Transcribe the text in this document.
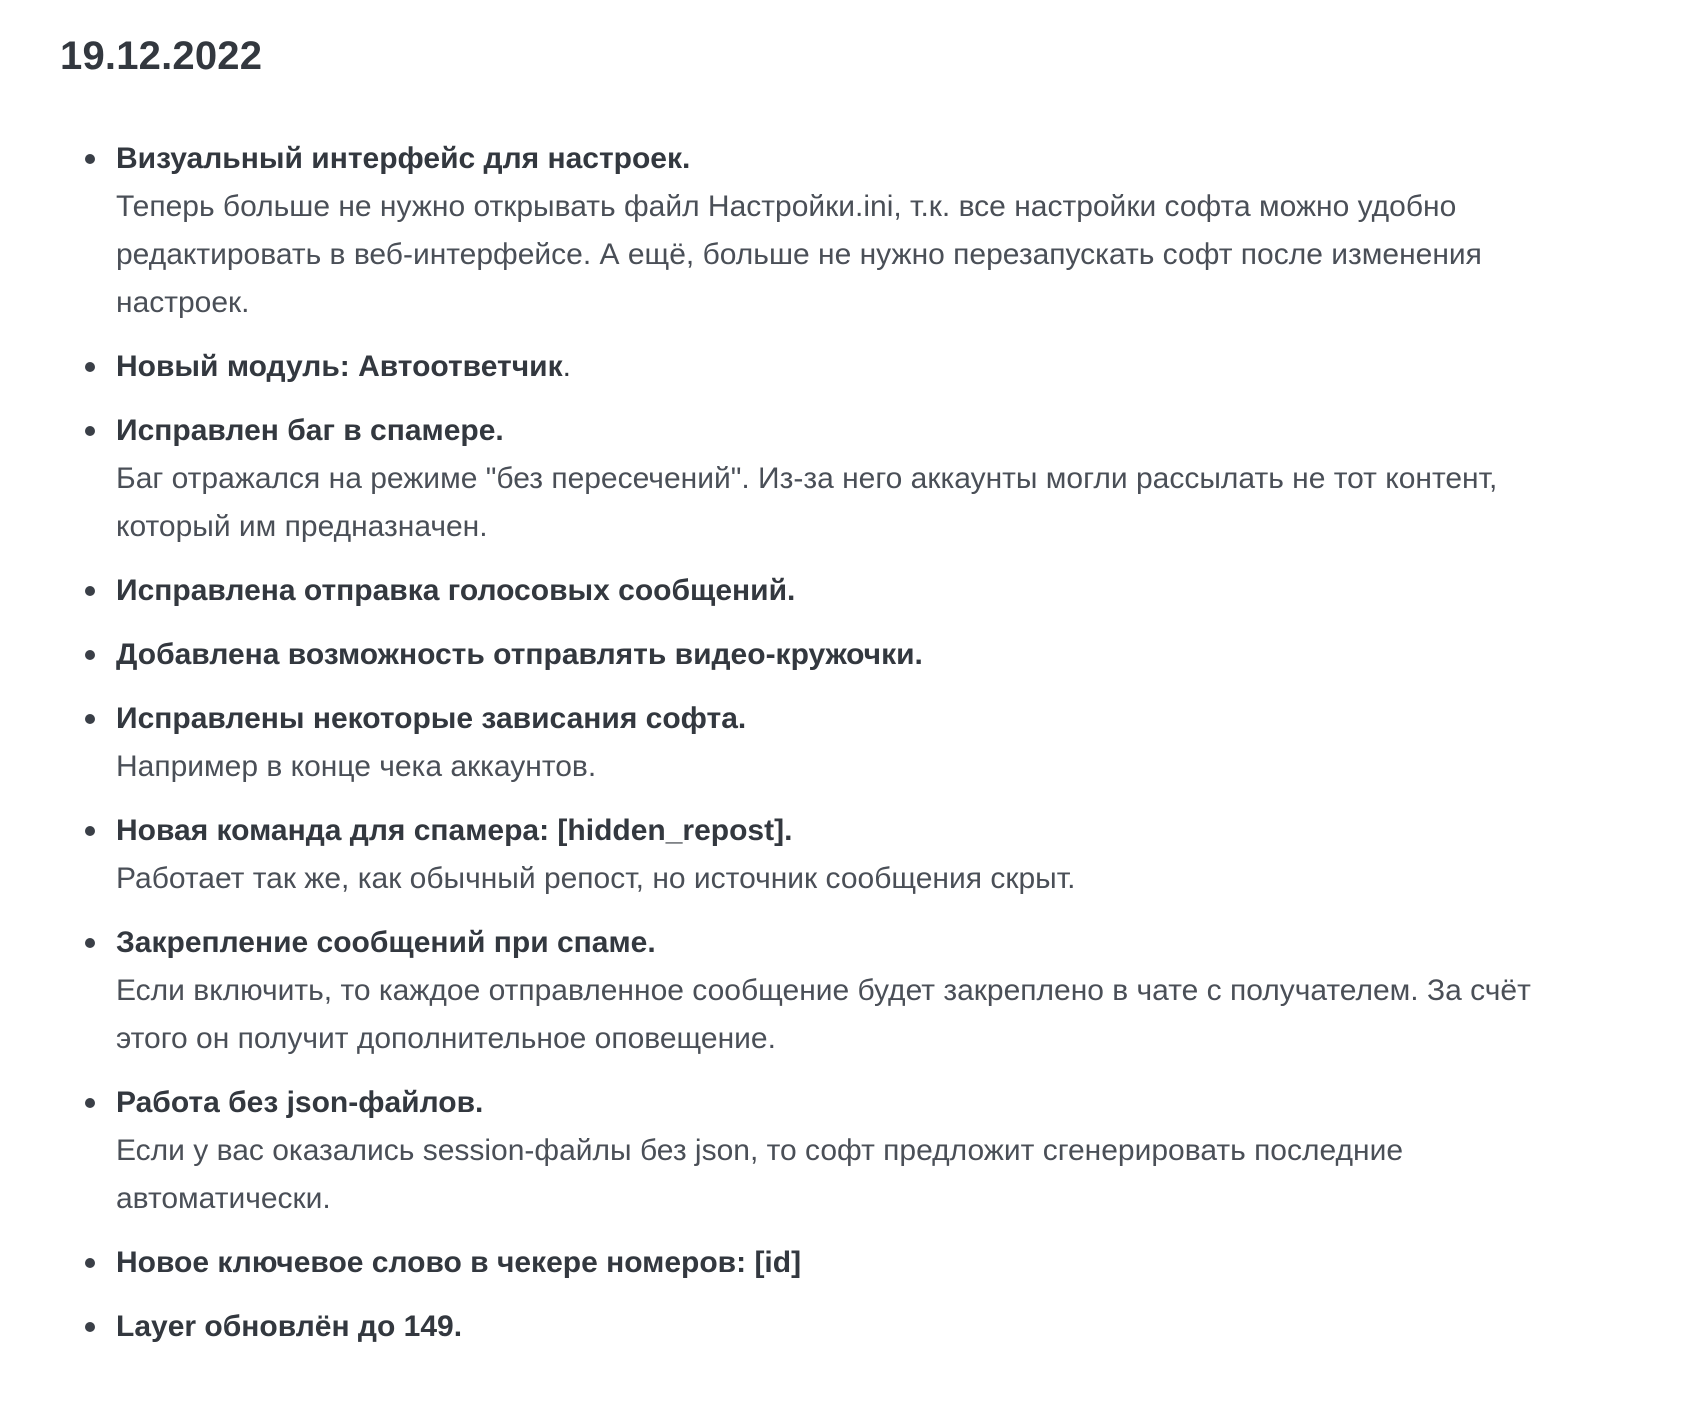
19.12.2022
Визуальный интерфейс для настроек.
Теперь больше не нужно открывать файл Настройки.ini, т.к. все настройки софта можно удобно редактировать в веб-интерфейсе. А ещё, больше не нужно перезапускать софт после изменения настроек.
Новый модуль: Автоответчик.
Исправлен баг в спамере.
Баг отражался на режиме "без пересечений". Из-за него аккаунты могли рассылать не тот контент, который им предназначен.
Исправлена отправка голосовых сообщений.
Добавлена возможность отправлять видео-кружочки.
Исправлены некоторые зависания софта.
Например в конце чека аккаунтов.
Новая команда для спамера: [hidden_repost].
Работает так же, как обычный репост, но источник сообщения скрыт.
Закрепление сообщений при спаме.
Если включить, то каждое отправленное сообщение будет закреплено в чате с получателем. За счёт этого он получит дополнительное оповещение.
Работа без json-файлов.
Если у вас оказались session-файлы без json, то софт предложит сгенерировать последние автоматически.
Новое ключевое слово в чекере номеров: [id]
Layer обновлён до 149.
